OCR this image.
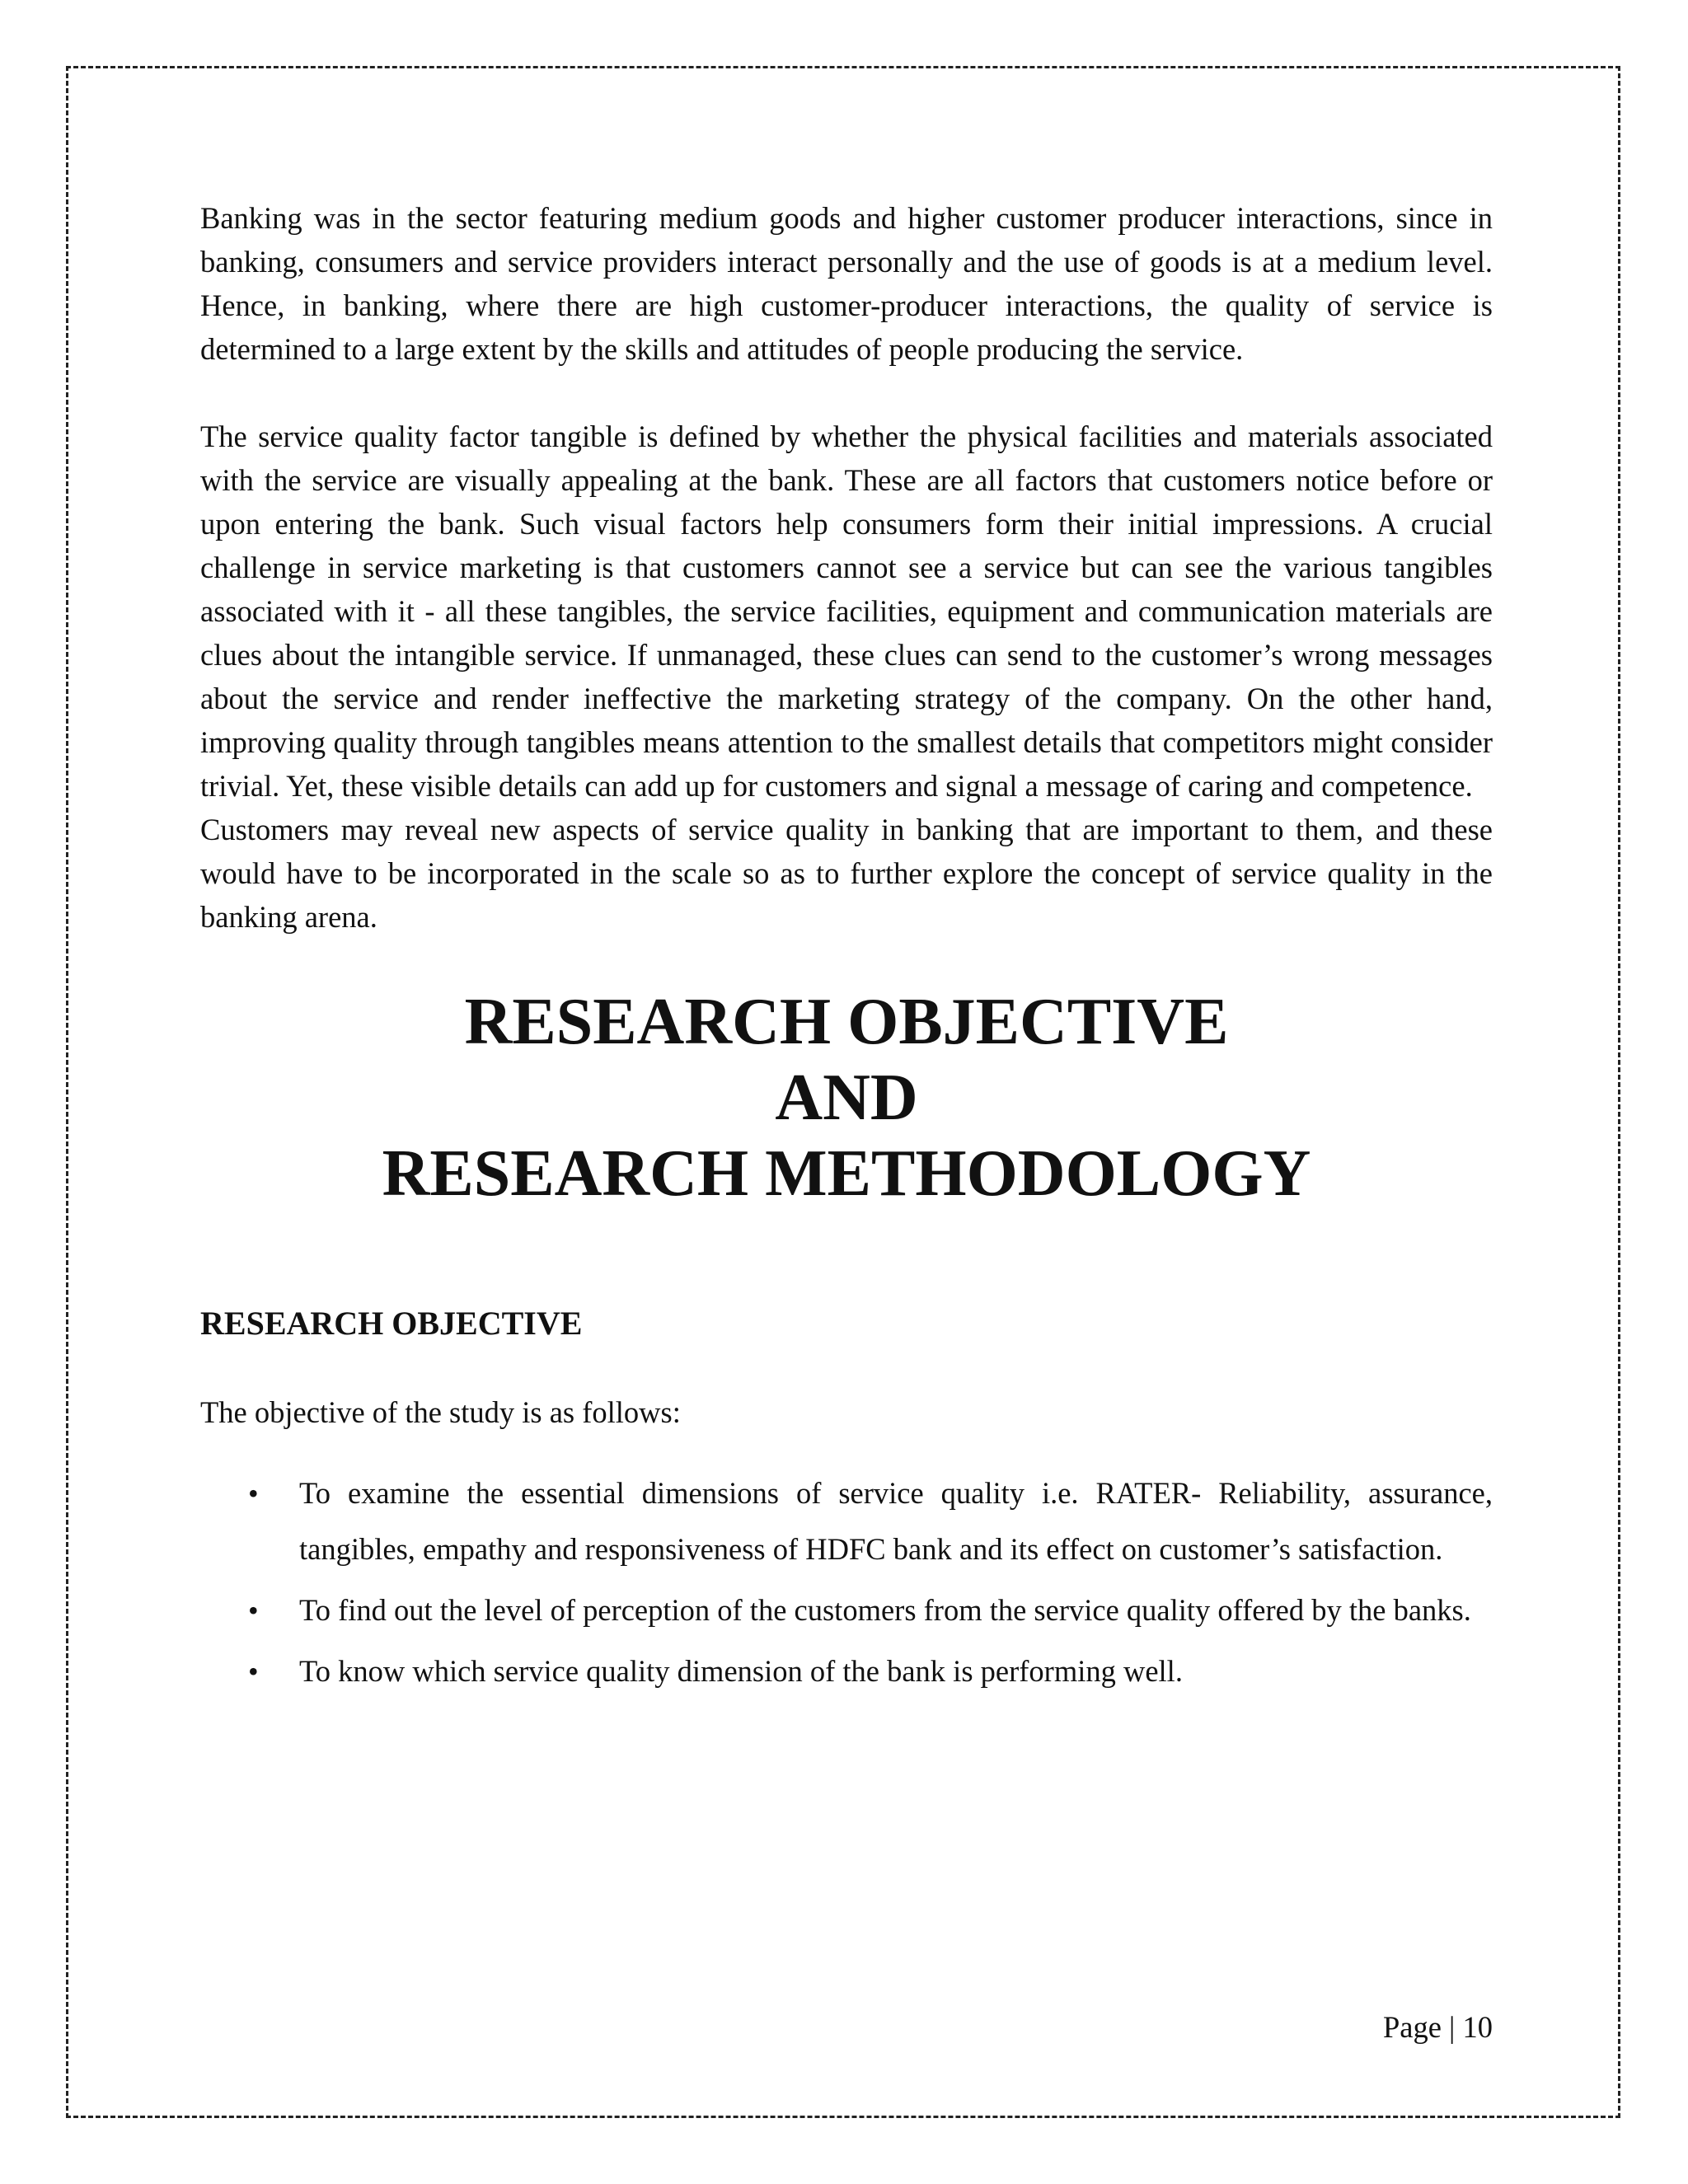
Banking was in the sector featuring medium goods and higher customer producer interactions, since in banking, consumers and service providers interact personally and the use of goods is at a medium level. Hence, in banking, where there are high customer-producer interactions, the quality of service is determined to a large extent by the skills and attitudes of people producing the service.

The service quality factor tangible is defined by whether the physical facilities and materials associated with the service are visually appealing at the bank. These are all factors that customers notice before or upon entering the bank. Such visual factors help consumers form their initial impressions. A crucial challenge in service marketing is that customers cannot see a service but can see the various tangibles associated with it - all these tangibles, the service facilities, equipment and communication materials are clues about the intangible service. If unmanaged, these clues can send to the customer’s wrong messages about the service and render ineffective the marketing strategy of the company. On the other hand, improving quality through tangibles means attention to the smallest details that competitors might consider trivial. Yet, these visible details can add up for customers and signal a message of caring and competence.

Customers may reveal new aspects of service quality in banking that are important to them, and these would have to be incorporated in the scale so as to further explore the concept of service quality in the banking arena.

RESEARCH OBJECTIVE
AND
RESEARCH METHODOLOGY
RESEARCH OBJECTIVE

The objective of the study is as follows:

• To examine the essential dimensions of service quality i.e. RATER- Reliability, assurance, tangibles, empathy and responsiveness of HDFC bank and its effect on customer’s satisfaction.
• To find out the level of perception of the customers from the service quality offered by the banks.
• To know which service quality dimension of the bank is performing well.
Page | 10
